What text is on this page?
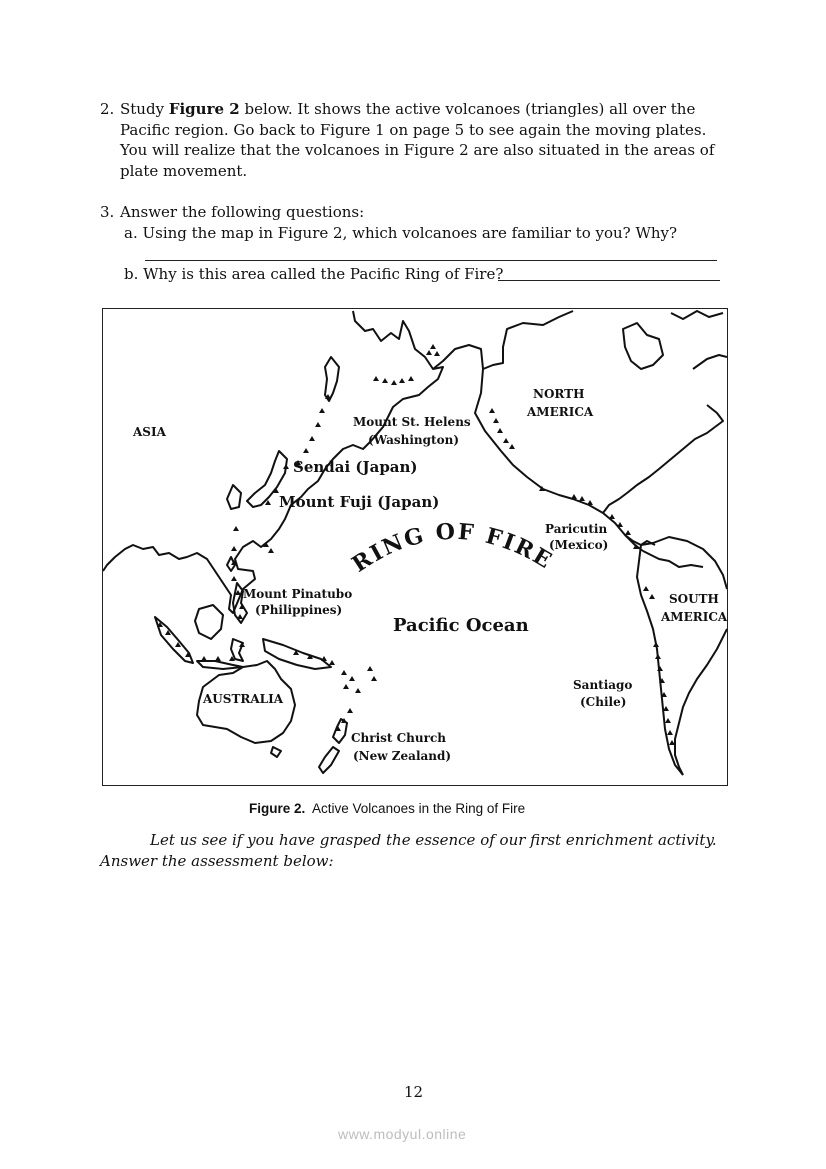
2. Study Figure 2 below. It shows the active volcanoes (triangles) all over the
Pacific region. Go back to Figure 1 on page 5 to see again the moving plates.
You will realize that the volcanoes in Figure 2 are also situated in the areas of
plate movement.
3. Answer the following questions:
a. Using the map in Figure 2, which volcanoes are familiar to you? Why?
b. Why is this area called the Pacific Ring of Fire?
ASIA
NORTH
AMERICA
Mount St. Helens
(Washington)
Sendai (Japan)
Mount Fuji (Japan)
Paricutin
(Mexico)
RING OF FIRE
Mount Pinatubo
(Philippines)
Pacific Ocean
SOUTH
AMERICA
AUSTRALIA
Santiago
(Chile)
Christ Church
(New Zealand)
Figure 2. Active Volcanoes in the Ring of Fire
Let us see if you have grasped the essence of our first enrichment activity.
Answer the assessment below:
12
www.modyul.online
